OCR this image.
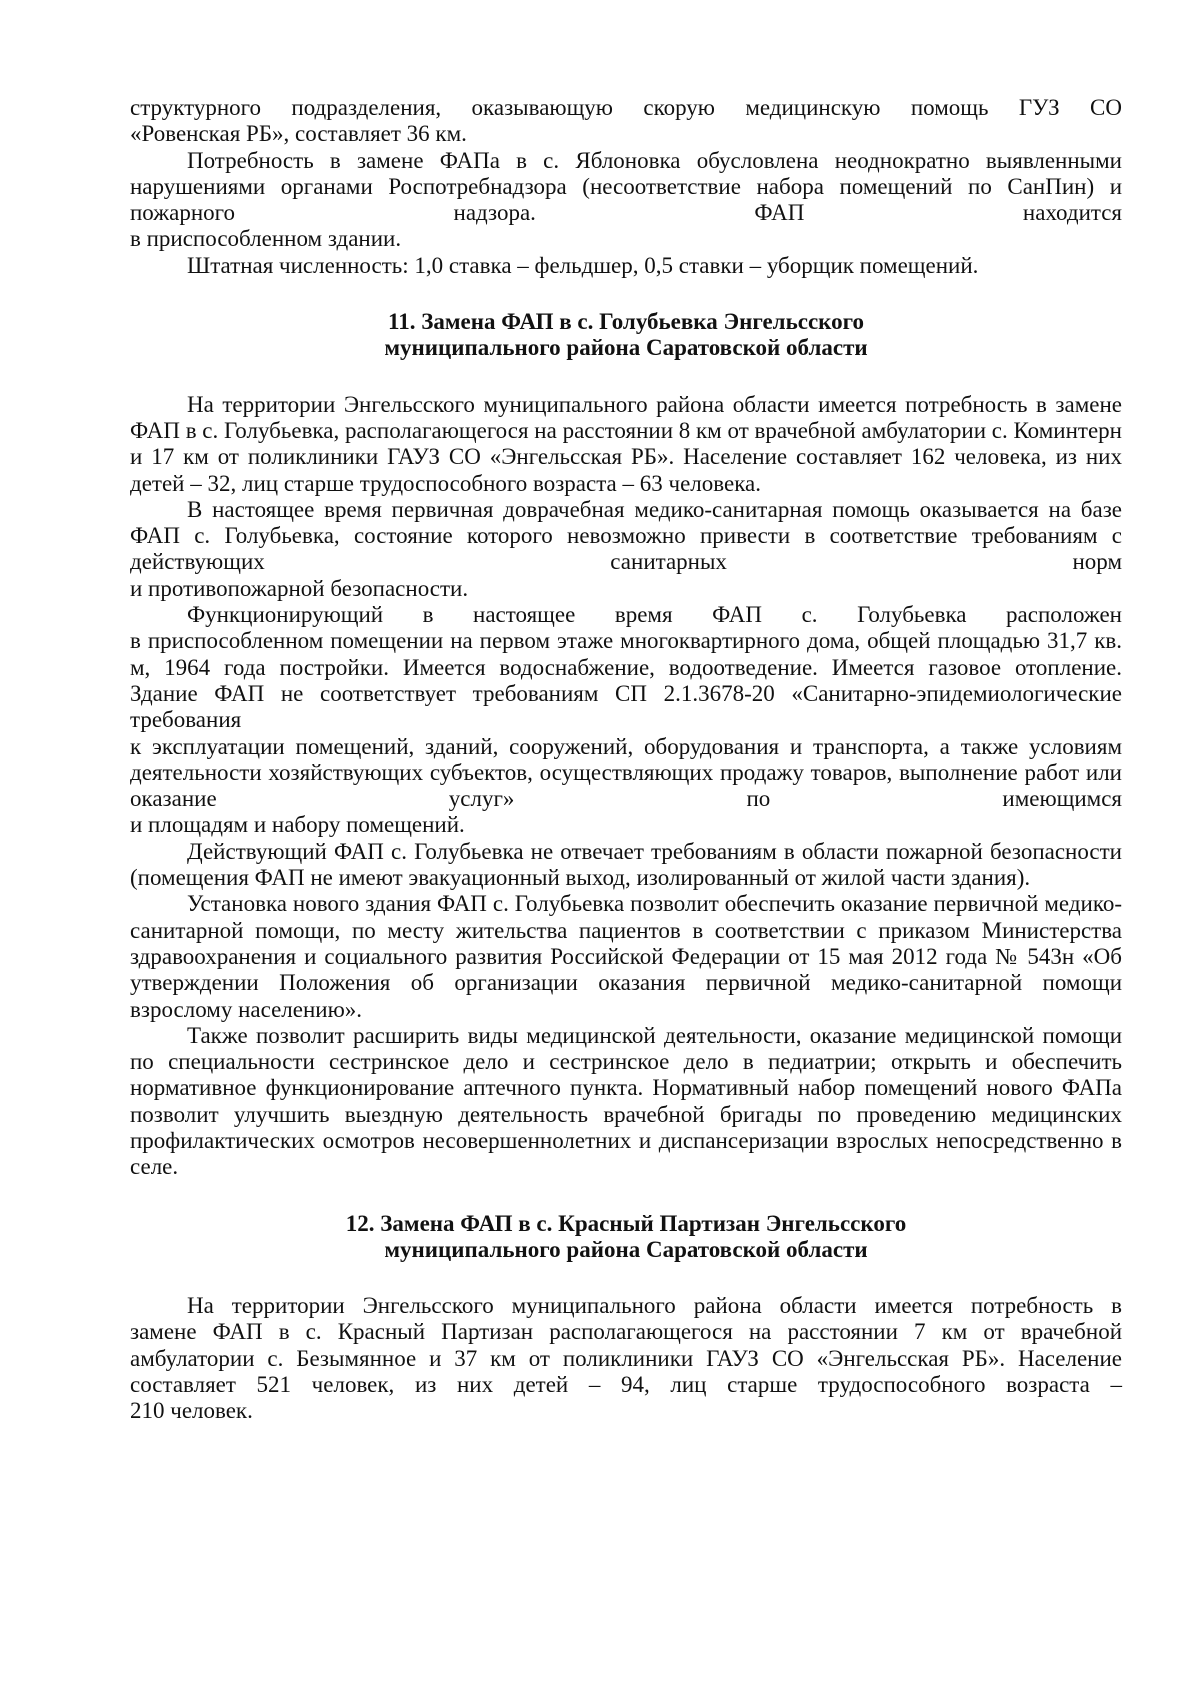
структурного подразделения, оказывающую скорую медицинскую помощь ГУЗ СО

«Ровенская РБ», составляет 36 км.

Потребность в замене ФАПа в с. Яблоновка обусловлена неоднократно выявленными нарушениями органами Роспотребнадзора (несоответствие набора помещений по СанПин) и пожарного надзора. ФАП находится

в приспособленном здании.

Штатная численность: 1,0 ставка – фельдшер, 0,5 ставки – уборщик помещений.

11. Замена ФАП в с. Голубьевка Энгельсского
муниципального района Саратовской области

На территории Энгельсского муниципального района области имеется потребность в замене ФАП в с. Голубьевка, располагающегося на расстоянии 8 км от врачебной амбулатории с. Коминтерн и 17 км от поликлиники ГАУЗ СО «Энгельсская РБ». Население составляет 162 человека, из них детей – 32, лиц старше трудоспособного возраста – 63 человека.

В настоящее время первичная доврачебная медико-санитарная помощь оказывается на базе ФАП с. Голубьевка, состояние которого невозможно привести в соответствие требованиям с действующих санитарных норм

и противопожарной безопасности.

Функционирующий в настоящее время ФАП с. Голубьевка расположен

в приспособленном помещении на первом этаже многоквартирного дома, общей площадью 31,7 кв. м, 1964 года постройки. Имеется водоснабжение, водоотведение. Имеется газовое отопление. Здание ФАП не соответствует требованиям СП 2.1.3678-20 «Санитарно-эпидемиологические требования

к эксплуатации помещений, зданий, сооружений, оборудования и транспорта, а также условиям деятельности хозяйствующих субъектов, осуществляющих продажу товаров, выполнение работ или оказание услуг» по имеющимся

и площадям и набору помещений.

Действующий ФАП с. Голубьевка не отвечает требованиям в области пожарной безопасности (помещения ФАП не имеют эвакуационный выход, изолированный от жилой части здания).

Установка нового здания ФАП с. Голубьевка позволит обеспечить оказание первичной медико-санитарной помощи, по месту жительства пациентов в соответствии с приказом Министерства здравоохранения и социального развития Российской Федерации от 15 мая 2012 года № 543н «Об утверждении Положения об организации оказания первичной медико-санитарной помощи взрослому населению».

Также позволит расширить виды медицинской деятельности, оказание медицинской помощи по специальности сестринское дело и сестринское дело в педиатрии; открыть и обеспечить нормативное функционирование аптечного пункта. Нормативный набор помещений нового ФАПа позволит улучшить выездную деятельность врачебной бригады по проведению медицинских профилактических осмотров несовершеннолетних и диспансеризации взрослых непосредственно в селе.

12. Замена ФАП в с. Красный Партизан Энгельсского
муниципального района Саратовской области

На территории Энгельсского муниципального района области имеется потребность в

замене ФАП в с. Красный Партизан располагающегося на расстоянии 7 км от врачебной амбулатории с. Безымянное и 37 км от поликлиники ГАУЗ СО «Энгельсская РБ». Население составляет 521 человек, из них детей – 94, лиц старше трудоспособного возраста –

210 человек.
